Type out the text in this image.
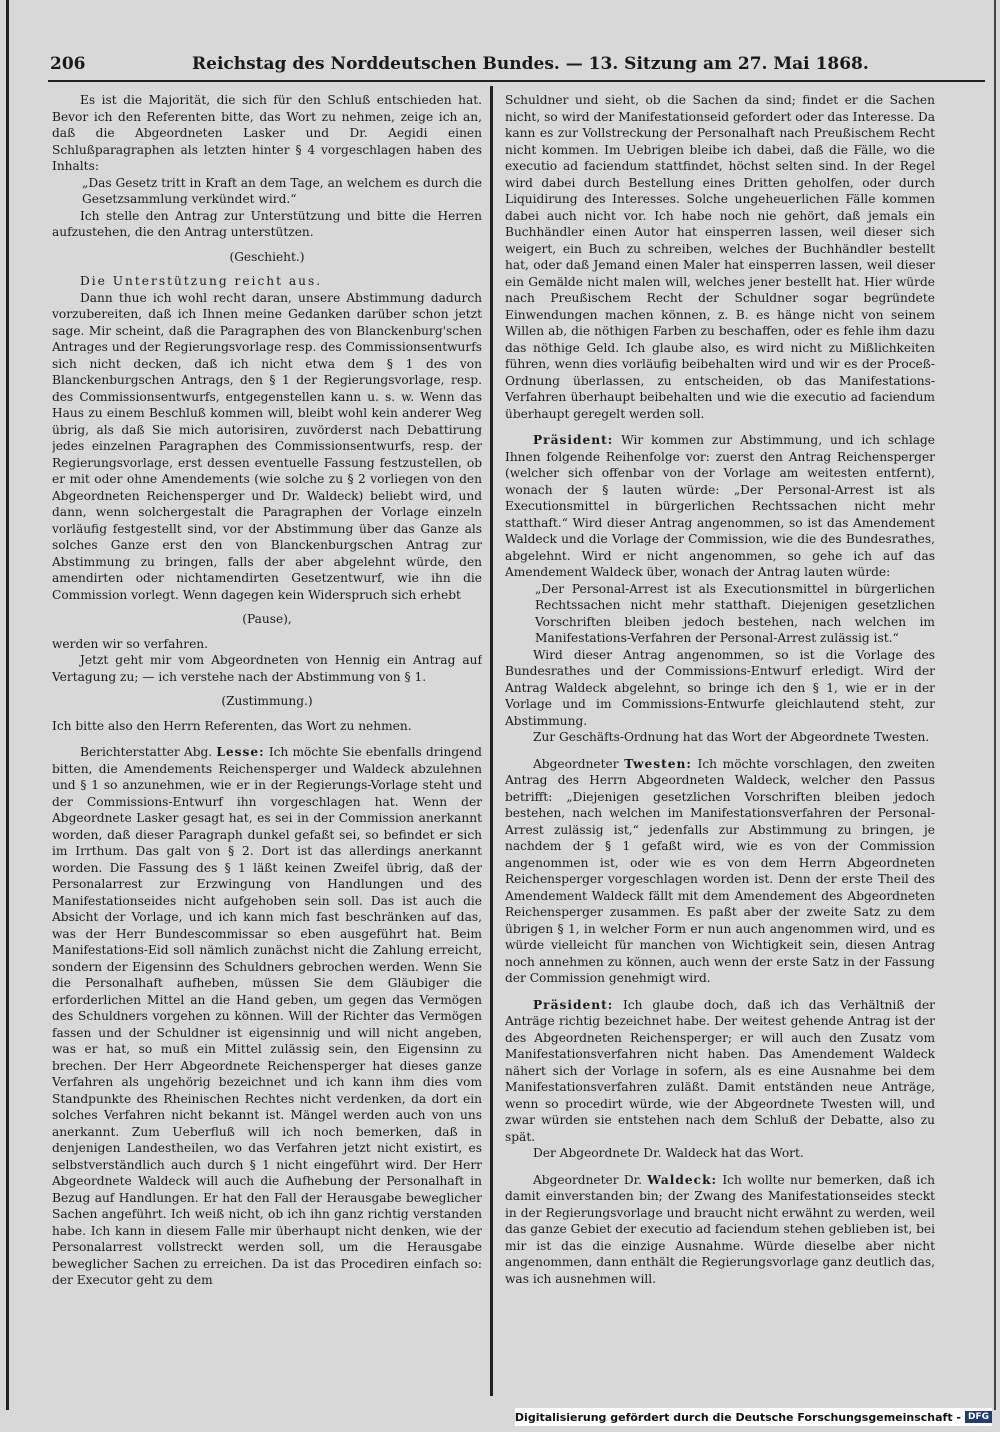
206	Reichstag des Norddeutschen Bundes. — 13. Sitzung am 27. Mai 1868.

Es ist die Majorität, die sich für den Schluß entschieden hat. Bevor ich den Referenten bitte, das Wort zu nehmen, zeige ich an, daß die Abgeordneten Lasker und Dr. Aegidi einen Schlußparagraphen als letzten hinter § 4 vorgeschlagen haben des Inhalts:

„Das Gesetz tritt in Kraft an dem Tage, an welchem es durch die Gesetzsammlung verkündet wird.“

Ich stelle den Antrag zur Unterstützung und bitte die Herren aufzustehen, die den Antrag unterstützen.

(Geschieht.)

Die Unterstützung reicht aus.

Dann thue ich wohl recht daran, unsere Abstimmung dadurch vorzubereiten, daß ich Ihnen meine Gedanken darüber schon jetzt sage. Mir scheint, daß die Paragraphen des von Blanckenburg'schen Antrages und der Regierungsvorlage resp. des Commissionsentwurfs sich nicht decken, daß ich nicht etwa dem § 1 des von Blanckenburgschen Antrags, den § 1 der Regierungsvorlage, resp. des Commissionsentwurfs, entgegenstellen kann u. s. w. Wenn das Haus zu einem Beschluß kommen will, bleibt wohl kein anderer Weg übrig, als daß Sie mich autorisiren, zuvörderst nach Debattirung jedes einzelnen Paragraphen des Commissionsentwurfs, resp. der Regierungsvorlage, erst dessen eventuelle Fassung festzustellen, ob er mit oder ohne Amendements (wie solche zu § 2 vorliegen von den Abgeordneten Reichensperger und Dr. Waldeck) beliebt wird, und dann, wenn solchergestalt die Paragraphen der Vorlage einzeln vorläufig festgestellt sind, vor der Abstimmung über das Ganze als solches Ganze erst den von Blanckenburgschen Antrag zur Abstimmung zu bringen, falls der aber abgelehnt würde, den amendirten oder nichtamendirten Gesetzentwurf, wie ihn die Commission vorlegt. Wenn dagegen kein Widerspruch sich erhebt

(Pause),

werden wir so verfahren.

Jetzt geht mir vom Abgeordneten von Hennig ein Antrag auf Vertagung zu; — ich verstehe nach der Abstimmung von § 1.

(Zustimmung.)

Ich bitte also den Herrn Referenten, das Wort zu nehmen.

Berichterstatter Abg. Lesse: Ich möchte Sie ebenfalls dringend bitten, die Amendements Reichensperger und Waldeck abzulehnen und § 1 so anzunehmen, wie er in der Regierungs-Vorlage steht und der Commissions-Entwurf ihn vorgeschlagen hat. Wenn der Abgeordnete Lasker gesagt hat, es sei in der Commission anerkannt worden, daß dieser Paragraph dunkel gefaßt sei, so befindet er sich im Irrthum. Das galt von § 2. Dort ist das allerdings anerkannt worden. Die Fassung des § 1 läßt keinen Zweifel übrig, daß der Personalarrest zur Erzwingung von Handlungen und des Manifestationseides nicht aufgehoben sein soll. Das ist auch die Absicht der Vorlage, und ich kann mich fast beschränken auf das, was der Herr Bundescommissar so eben ausgeführt hat. Beim Manifestations-Eid soll nämlich zunächst nicht die Zahlung erreicht, sondern der Eigensinn des Schuldners gebrochen werden. Wenn Sie die Personalhaft aufheben, müssen Sie dem Gläubiger die erforderlichen Mittel an die Hand geben, um gegen das Vermögen des Schuldners vorgehen zu können. Will der Richter das Vermögen fassen und der Schuldner ist eigensinnig und will nicht angeben, was er hat, so muß ein Mittel zulässig sein, den Eigensinn zu brechen. Der Herr Abgeordnete Reichensperger hat dieses ganze Verfahren als ungehörig bezeichnet und ich kann ihm dies vom Standpunkte des Rheinischen Rechtes nicht verdenken, da dort ein solches Verfahren nicht bekannt ist. Mängel werden auch von uns anerkannt. Zum Ueberfluß will ich noch bemerken, daß in denjenigen Landestheilen, wo das Verfahren jetzt nicht existirt, es selbstverständlich auch durch § 1 nicht eingeführt wird. Der Herr Abgeordnete Waldeck will auch die Aufhebung der Personalhaft in Bezug auf Handlungen. Er hat den Fall der Herausgabe beweglicher Sachen angeführt. Ich weiß nicht, ob ich ihn ganz richtig verstanden habe. Ich kann in diesem Falle mir überhaupt nicht denken, wie der Personalarrest vollstreckt werden soll, um die Herausgabe beweglicher Sachen zu erreichen. Da ist das Procediren einfach so: der Executor geht zu dem

Schuldner und sieht, ob die Sachen da sind; findet er die Sachen nicht, so wird der Manifestationseid gefordert oder das Interesse. Da kann es zur Vollstreckung der Personalhaft nach Preußischem Recht nicht kommen. Im Uebrigen bleibe ich dabei, daß die Fälle, wo die executio ad faciendum stattfindet, höchst selten sind. In der Regel wird dabei durch Bestellung eines Dritten geholfen, oder durch Liquidirung des Interesses. Solche ungeheuerlichen Fälle kommen dabei auch nicht vor. Ich habe noch nie gehört, daß jemals ein Buchhändler einen Autor hat einsperren lassen, weil dieser sich weigert, ein Buch zu schreiben, welches der Buchhändler bestellt hat, oder daß Jemand einen Maler hat einsperren lassen, weil dieser ein Gemälde nicht malen will, welches jener bestellt hat. Hier würde nach Preußischem Recht der Schuldner sogar begründete Einwendungen machen können, z. B. es hänge nicht von seinem Willen ab, die nöthigen Farben zu beschaffen, oder es fehle ihm dazu das nöthige Geld. Ich glaube also, es wird nicht zu Mißlichkeiten führen, wenn dies vorläufig beibehalten wird und wir es der Proceß-Ordnung überlassen, zu entscheiden, ob das Manifestations-Verfahren überhaupt beibehalten und wie die executio ad faciendum überhaupt geregelt werden soll.

Präsident: Wir kommen zur Abstimmung, und ich schlage Ihnen folgende Reihenfolge vor: zuerst den Antrag Reichensperger (welcher sich offenbar von der Vorlage am weitesten entfernt), wonach der § lauten würde: „Der Personal-Arrest ist als Executionsmittel in bürgerlichen Rechtssachen nicht mehr statthaft.“ Wird dieser Antrag angenommen, so ist das Amendement Waldeck und die Vorlage der Commission, wie die des Bundesrathes, abgelehnt. Wird er nicht angenommen, so gehe ich auf das Amendement Waldeck über, wonach der Antrag lauten würde:

„Der Personal-Arrest ist als Executionsmittel in bürgerlichen Rechtssachen nicht mehr statthaft. Diejenigen gesetzlichen Vorschriften bleiben jedoch bestehen, nach welchen im Manifestations-Verfahren der Personal-Arrest zulässig ist.“

Wird dieser Antrag angenommen, so ist die Vorlage des Bundesrathes und der Commissions-Entwurf erledigt. Wird der Antrag Waldeck abgelehnt, so bringe ich den § 1, wie er in der Vorlage und im Commissions-Entwurfe gleichlautend steht, zur Abstimmung.

Zur Geschäfts-Ordnung hat das Wort der Abgeordnete Twesten.

Abgeordneter Twesten: Ich möchte vorschlagen, den zweiten Antrag des Herrn Abgeordneten Waldeck, welcher den Passus betrifft: „Diejenigen gesetzlichen Vorschriften bleiben jedoch bestehen, nach welchen im Manifestationsverfahren der Personal-Arrest zulässig ist,“ jedenfalls zur Abstimmung zu bringen, je nachdem der § 1 gefaßt wird, wie es von der Commission angenommen ist, oder wie es von dem Herrn Abgeordneten Reichensperger vorgeschlagen worden ist. Denn der erste Theil des Amendement Waldeck fällt mit dem Amendement des Abgeordneten Reichensperger zusammen. Es paßt aber der zweite Satz zu dem übrigen § 1, in welcher Form er nun auch angenommen wird, und es würde vielleicht für manchen von Wichtigkeit sein, diesen Antrag noch annehmen zu können, auch wenn der erste Satz in der Fassung der Commission genehmigt wird.

Präsident: Ich glaube doch, daß ich das Verhältniß der Anträge richtig bezeichnet habe. Der weitest gehende Antrag ist der des Abgeordneten Reichensperger; er will auch den Zusatz vom Manifestationsverfahren nicht haben. Das Amendement Waldeck nähert sich der Vorlage in sofern, als es eine Ausnahme bei dem Manifestationsverfahren zuläßt. Damit entständen neue Anträge, wenn so procedirt würde, wie der Abgeordnete Twesten will, und zwar würden sie entstehen nach dem Schluß der Debatte, also zu spät.

Der Abgeordnete Dr. Waldeck hat das Wort.

Abgeordneter Dr. Waldeck: Ich wollte nur bemerken, daß ich damit einverstanden bin; der Zwang des Manifestationseides steckt in der Regierungsvorlage und braucht nicht erwähnt zu werden, weil das ganze Gebiet der executio ad faciendum stehen geblieben ist, bei mir ist das die einzige Ausnahme. Würde dieselbe aber nicht angenommen, dann enthält die Regierungsvorlage ganz deutlich das, was ich ausnehmen will.

Digitalisierung gefördert durch die Deutsche Forschungsgemeinschaft - DFG
